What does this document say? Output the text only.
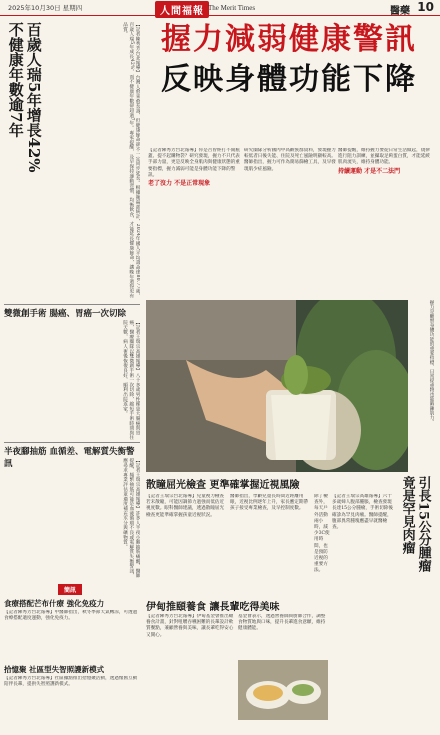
2025年10月30日 星期四	人間福報 The Merit Times	醫藥 10
百歲人瑞5年增長42%
不健康年數逾7年	【記者陳秀芳台北報導】台灣人愈來愈長壽，但健康餘命卻不一定同步延長。根據衛福部統計，2024年國人平均壽命達80.77歲，百歲人瑞5年成長42%，而不健康年數卻超過7年。專家提醒，及早保持運動習慣、均衡飲食，才能延長健康餘命，讓晚年過得更有品質。
雙微創手術 腸癌、胃癌一次切除
【記者王瑞宗高雄報導】八十多歲男性罹患大腸癌與胃癌，醫療團隊以雙微創手術一次切除，縮短手術時間與住院天數，病人術後恢復良好，順利出院返家。
半夜腳抽筋 血循差、電解質失衡警訊	【記者王瑞宗高雄報導】許多人半夜小腿抽筋痛醒，醫師提醒，頻繁抽筋可能是血液循環不良或電解質失衡警訊，應尋求專業評估並適度補充水分與礦物質。
簡訊
食療搭配芒布什療 強化免疫力
【記者陳秀芳台北報導】中醫師指出，秋冬季節天氣轉涼，可透過食療搭配適度運動，強化免疫力。
拾憶聚 社區型失智照護新模式
【記者陳秀芳台北報導】社區據點推出拾憶聚活動，透過懷舊互動陪伴長輩，提供失智照護新模式。
握力減弱健康警訊
反映身體功能下降
【記者陳秀芳台北報導】你是否曾經打不開瓶蓋、提不起購物袋？研究發現，握力不只代表手部力量，更是反映全身肌肉與健康狀態的重要指標，握力減弱可能是身體功能下降的警訊。
老了沒力 不是正常現象
研究團隊分析國內中高齡族群資料，發現握力較低者日後失能、住院及死亡風險明顯較高。醫師指出，握力可作為簡易篩檢工具，及早發現肌少症風險。
醫師提醒，維持握力要從日常生活做起，規律進行阻力訓練，並攝取足夠蛋白質，才能延緩肌肉流失，維持身體功能。
持續運動 才是不二法門
握力是觀察身體功能的重要指標，日常提重物也能鍛鍊肌力。
散瞳屈光檢查 更準確掌握近視風險
【記者王瑞宗台北報導】兒童視力檢查若未散瞳，可能因調節力過強而低估近視度數。眼科醫師建議，透過散瞳屈光檢查更能準確掌握孩童近視狀況。
醫師指出，學齡兒童長時間近距離用眼，近視比例逐年上升，家長應定期帶孩子接受專業檢查，及早控制度數。
除了檢查外，每天戶外活動兩小時，減少3C使用時間，也是預防近視的重要方法。
伊甸推頤養食 讓長輩吃得美味
【記者陳秀芳台北報導】伊甸基金會推出頤養食計畫，針對咀嚼吞嚥困難的長輩設計軟質餐點，兼顧營養與美味，讓長輩吃得安心又開心。
基金會表示，透過營養師與廚師合作，調整食物質地與口味，提升長輩進食意願，維持健康體能。
【記者王瑞宗高雄報導】六十多歲婦人腹部腫脹，檢查發現長達15公分腫瘤，手術切除後確診為罕見肉瘤。醫師提醒，腹部異常腫塊應盡早就醫檢查。	引長15公分腫瘤
竟是罕見肉瘤
